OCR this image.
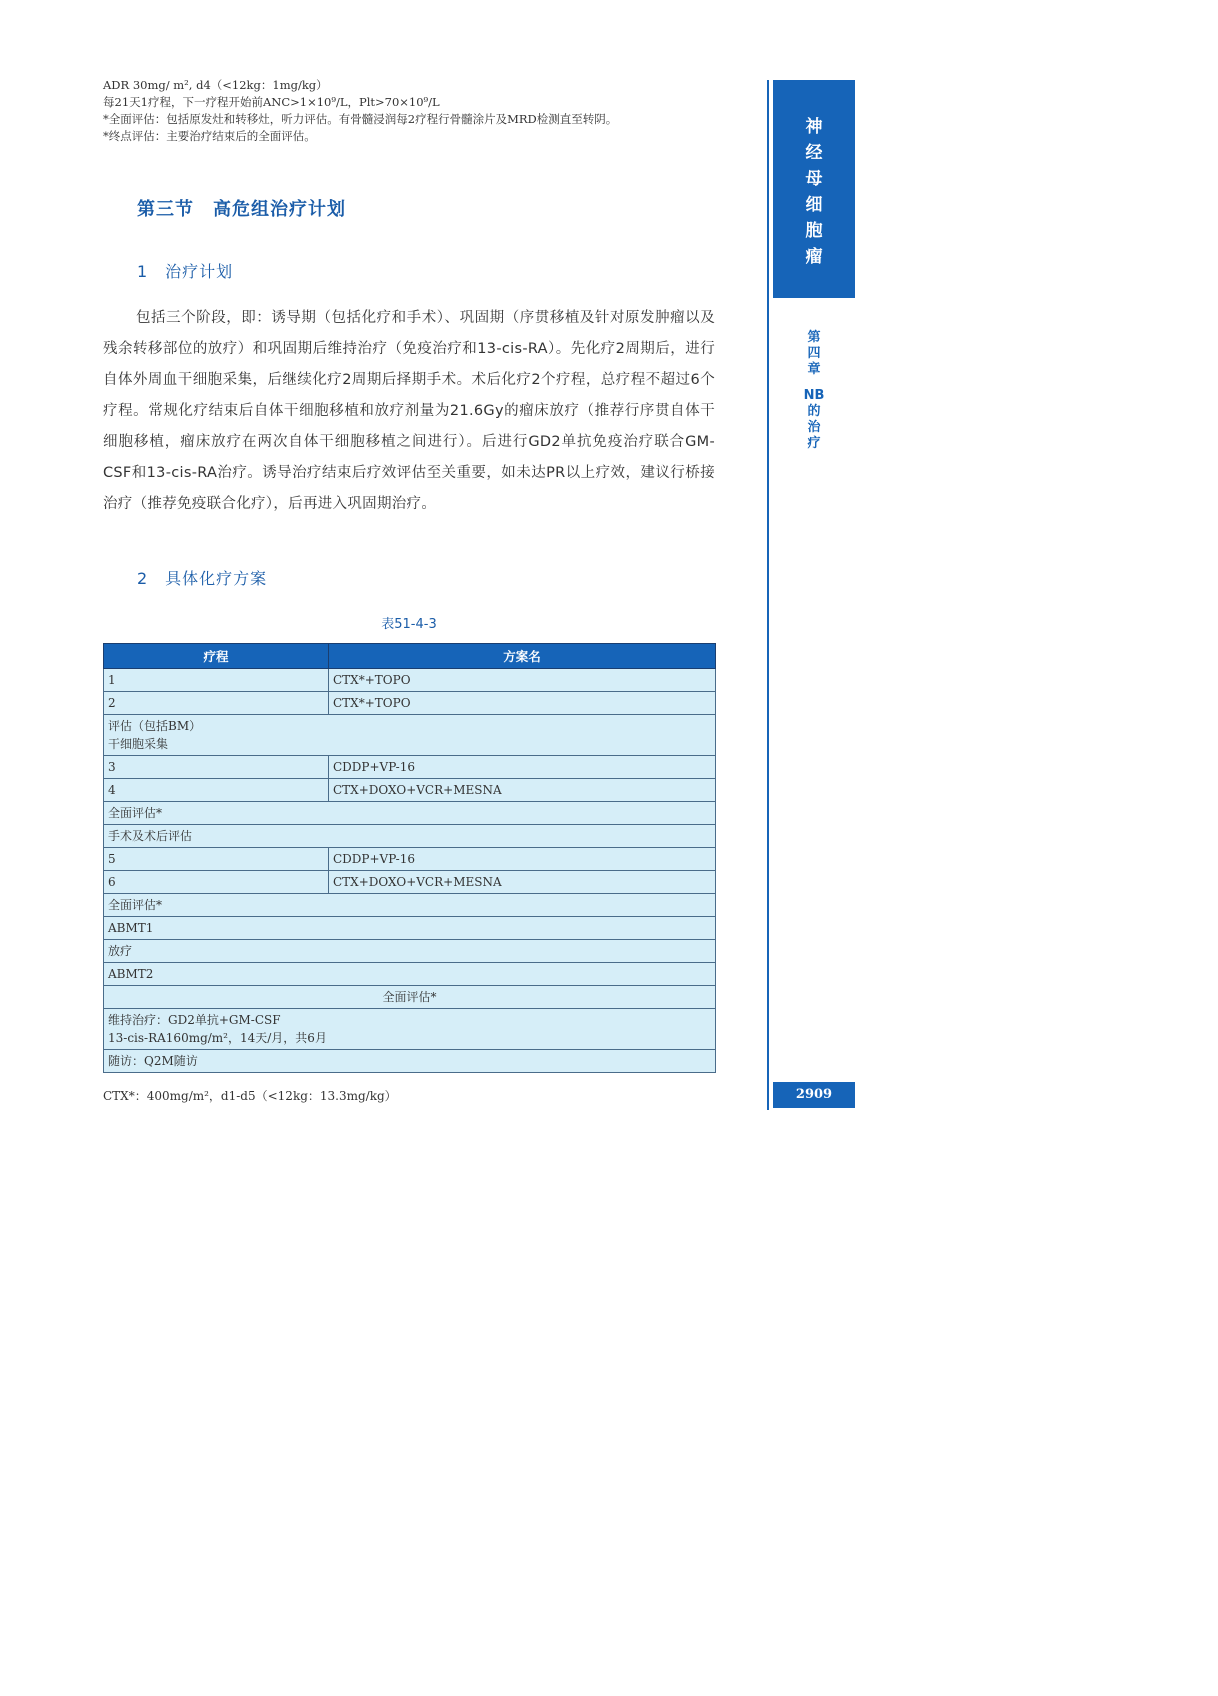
ADR 30mg/ m², d4（<12kg：1mg/kg）
每21天1疗程，下一疗程开始前ANC>1×10⁹/L，Plt>70×10⁹/L
*全面评估：包括原发灶和转移灶，听力评估。有骨髓浸润每2疗程行骨髓涂片及MRD检测直至转阴。
*终点评估：主要治疗结束后的全面评估。
第三节　高危组治疗计划
1　治疗计划
包括三个阶段，即：诱导期（包括化疗和手术）、巩固期（序贯移植及针对原发肿瘤以及残余转移部位的放疗）和巩固期后维持治疗（免疫治疗和13-cis-RA）。先化疗2周期后，进行自体外周血干细胞采集，后继续化疗2周期后择期手术。术后化疗2个疗程，总疗程不超过6个疗程。常规化疗结束后自体干细胞移植和放疗剂量为21.6Gy的瘤床放疗（推荐行序贯自体干细胞移植，瘤床放疗在两次自体干细胞移植之间进行）。后进行GD2单抗免疫治疗联合GM-CSF和13-cis-RA治疗。诱导治疗结束后疗效评估至关重要，如未达PR以上疗效，建议行桥接治疗（推荐免疫联合化疗），后再进入巩固期治疗。
2　具体化疗方案
表51-4-3
疗程	方案名
1	CTX*+TOPO
2	CTX*+TOPO

评估（包括BM）
干细胞采集	

3	CDDP+VP-16
4	CTX+DOXO+VCR+MESNA
全面评估*	
手术及术后评估	
5	CDDP+VP-16
6	CTX+DOXO+VCR+MESNA
全面评估*	
ABMT1	
放疗	
ABMT2	
全面评估*	

维持治疗：GD2单抗+GM-CSF
13-cis-RA160mg/m²，14天/月，共6月	

随访：Q2M随访	
CTX*：400mg/m²，d1-d5（<12kg：13.3mg/kg）
神
经
母
细
胞
瘤
第
四
章
NB
的
治
疗
2909
